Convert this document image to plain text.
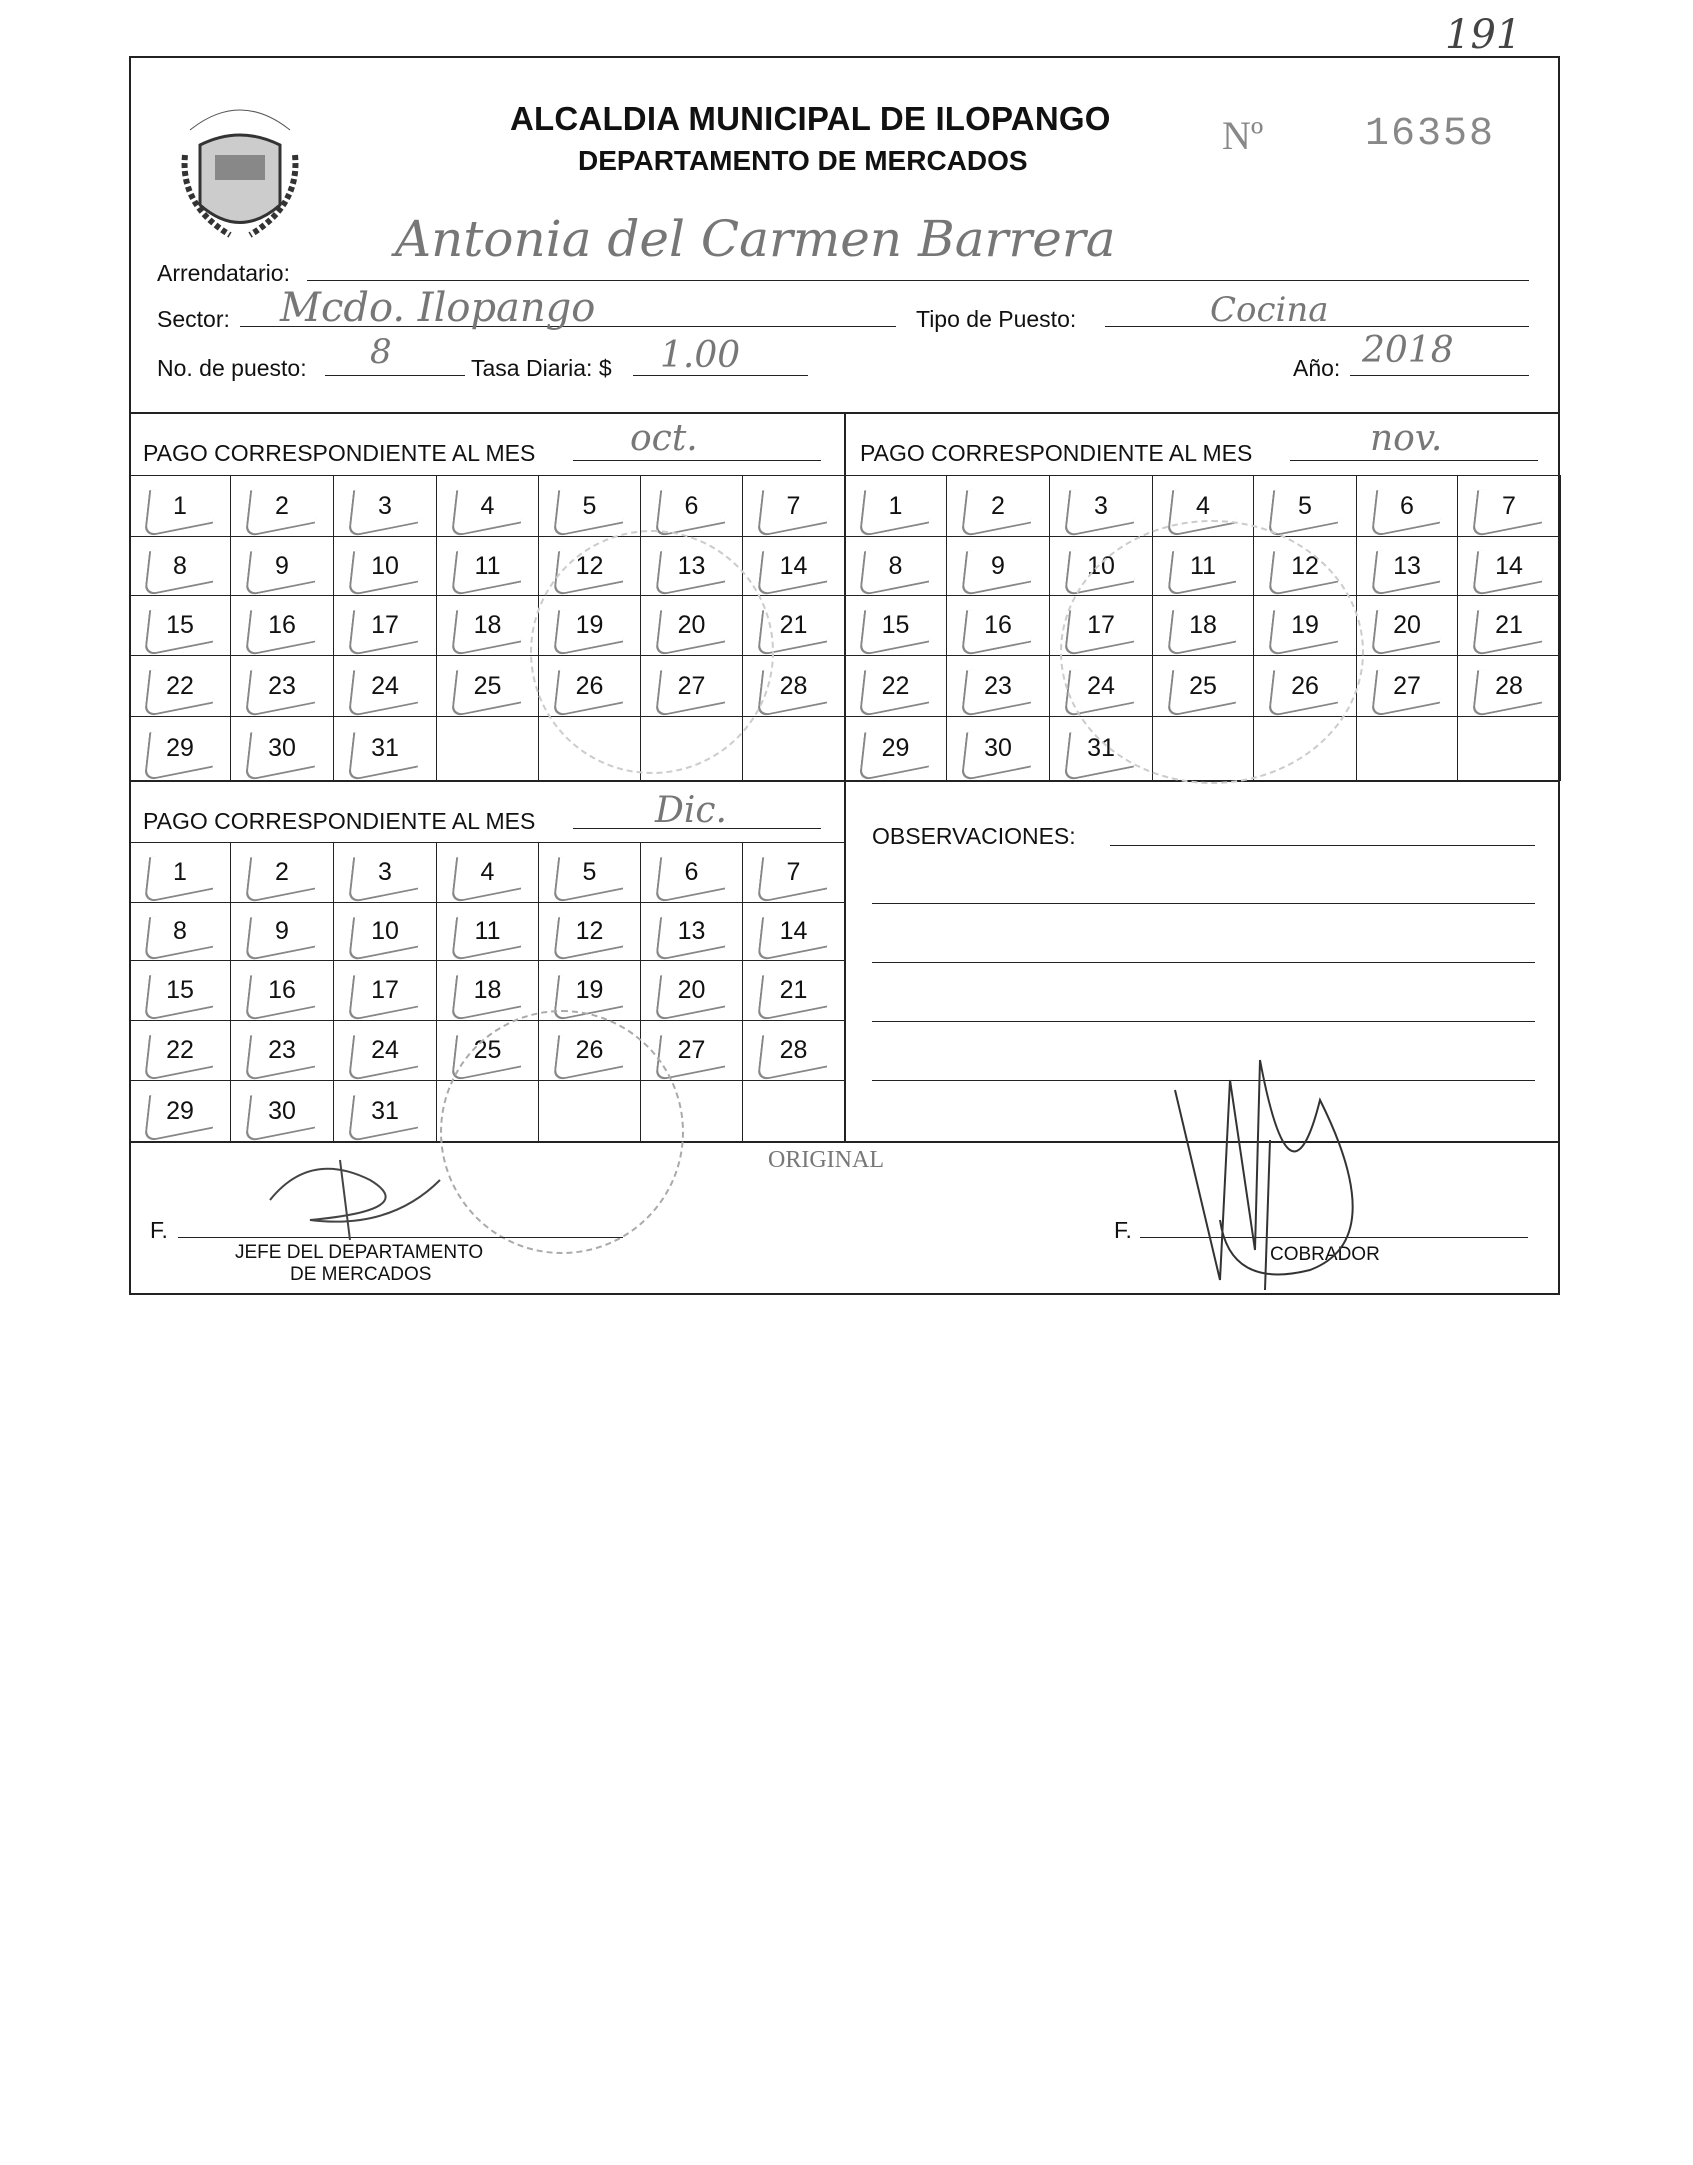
191
ALCALDIA MUNICIPAL DE ILOPANGO
DEPARTAMENTO DE MERCADOS
Nº	16358
Arrendatario:
Antonia del Carmen Barrera
Sector: Mcdo. Ilopango	Tipo de Puesto:	Cocina
No. de puesto: 8	Tasa Diaria: $ 1.00	Año: 2018
PAGO CORRESPONDIENTE AL MES	oct.	PAGO CORRESPONDIENTE AL MES	nov.
PAGO CORRESPONDIENTE AL MES	Dic.
1	2	3	4	5	6	7
8	9	10	11	12	13	14
15	16	17	18	19	20	21
22	23	24	25	26	27	28
29	30	31
1	2	3	4	5	6	7
8	9	10	11	12	13	14
15	16	17	18	19	20	21
22	23	24	25	26	27	28
29	30	31
1	2	3	4	5	6	7
8	9	10	11	12	13	14
15	16	17	18	19	20	21
22	23	24	25	26	27	28
29	30	31
OBSERVACIONES:
ORIGINAL
F.
JEFE DEL DEPARTAMENTO
DE MERCADOS
F.
COBRADOR
